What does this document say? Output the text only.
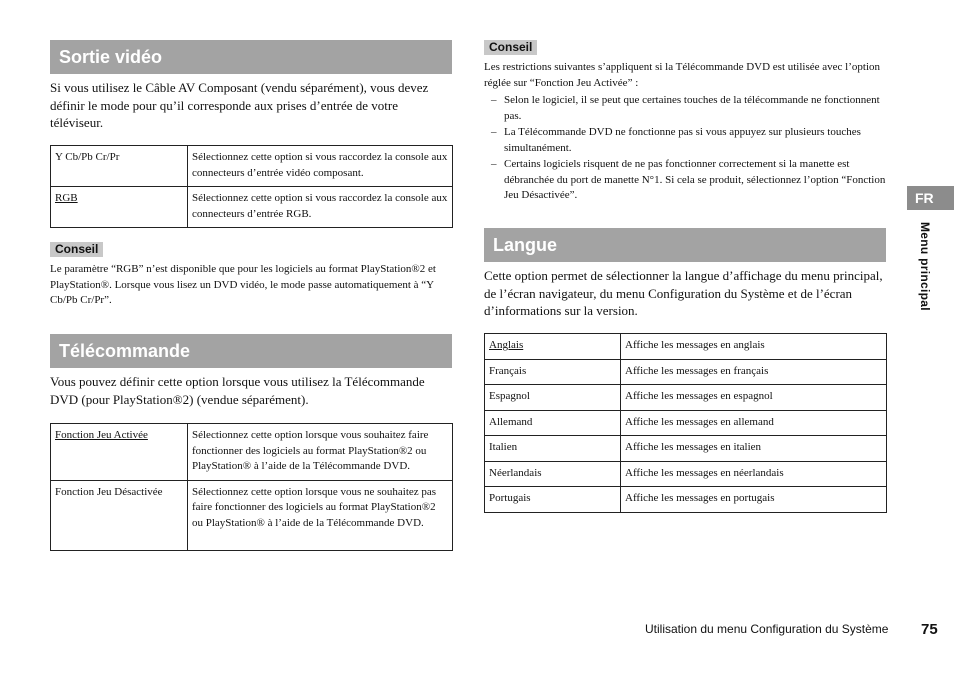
Sortie vidéo

Si vous utilisez le Câble AV Composant (vendu séparément), vous devez définir le mode pour qu’il corresponde aux prises d’entrée de votre téléviseur.

Y Cb/Pb Cr/Pr	Sélectionnez cette option si vous raccordez la console aux connecteurs d’entrée vidéo composant.
RGB	Sélectionnez cette option si vous raccordez la console aux connecteurs d’entrée RGB.
Conseil

Le paramètre “RGB” n’est disponible que pour les logiciels au format PlayStation®2 et PlayStation®. Lorsque vous lisez un DVD vidéo, le mode passe automatiquement à “Y Cb/Pb Cr/Pr”.

Télécommande

Vous pouvez définir cette option lorsque vous utilisez la Télécommande DVD (pour PlayStation®2) (vendue séparément).

Fonction Jeu Activée	Sélectionnez cette option lorsque vous souhaitez faire fonctionner des logiciels au format PlayStation®2 ou PlayStation® à l’aide de la Télécommande DVD.
Fonction Jeu Désactivée	Sélectionnez cette option lorsque vous ne souhaitez pas faire fonctionner des logiciels au format PlayStation®2 ou PlayStation® à l’aide de la Télécommande DVD.
Conseil

Les restrictions suivantes s’appliquent si la Télécommande DVD est utilisée avec l’option réglée sur “Fonction Jeu Activée” :

– Selon le logiciel, il se peut que certaines touches de la télécommande ne fonctionnent pas.
– La Télécommande DVD ne fonctionne pas si vous appuyez sur plusieurs touches simultanément.
– Certains logiciels risquent de ne pas fonctionner correctement si la manette est débranchée du port de manette N°1. Si cela se produit, sélectionnez l’option “Fonction Jeu Désactivée”.
Langue

Cette option permet de sélectionner la langue d’affichage du menu principal, de l’écran navigateur, du menu Configuration du Système et de l’écran d’informations sur la version.

Anglais	Affiche les messages en anglais
Français	Affiche les messages en français
Espagnol	Affiche les messages en espagnol
Allemand	Affiche les messages en allemand
Italien	Affiche les messages en italien
Néerlandais	Affiche les messages en néerlandais
Portugais	Affiche les messages en portugais
FR
Menu principal
Utilisation du menu Configuration du Système 75
